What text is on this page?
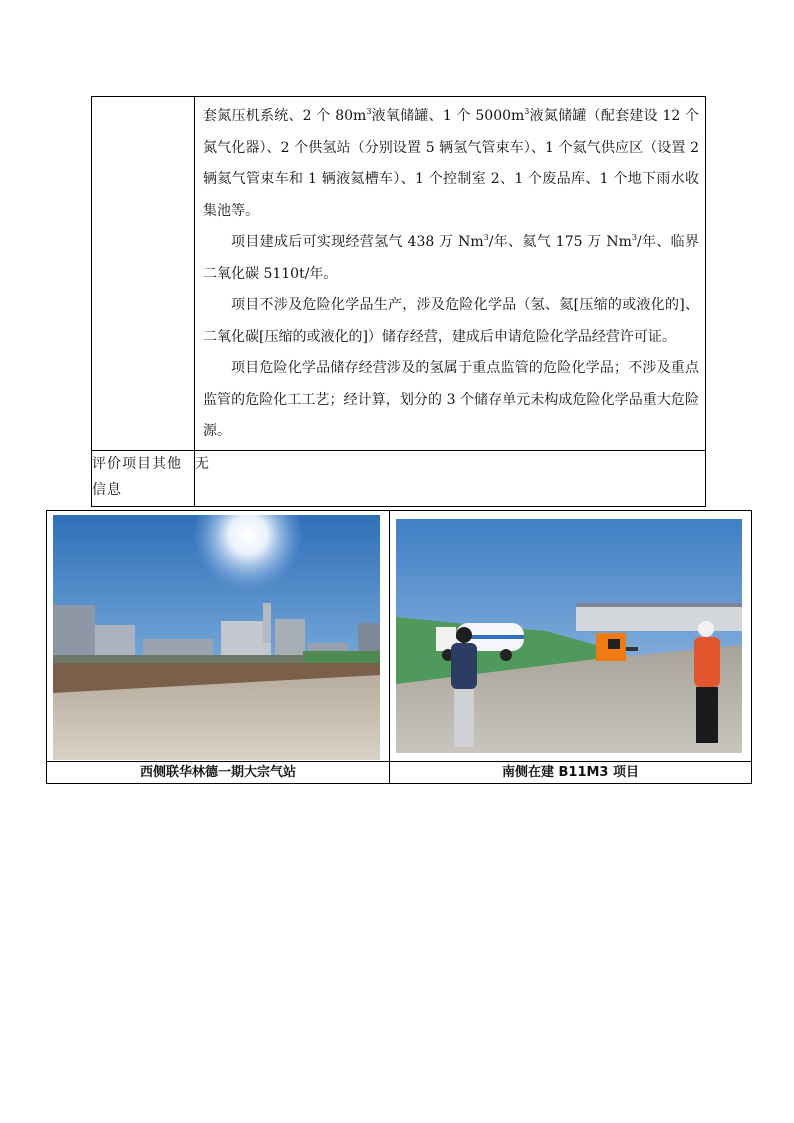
	套氮压机系统、2 个 $80m^3$液氧储罐、1 个 $5000m^3$液氮储罐（配套建设 12 个氮气化器）、2 个供氢站（分别设置 5 辆氢气管束车）、1 个氦气供应区（设置 2 辆氦气管束车和 1 辆液氦槽车）、1 个控制室 2、1 个废品库、1 个地下雨水收集池等。

项目建成后可实现经营氢气 438 万 Nm$^3$/年、氦气 175 万 Nm$^3$/年、临界二氧化碳 5110t/年。

项目不涉及危险化学品生产，涉及危险化学品（氢、氦[压缩的或液化的]、二氧化碳[压缩的或液化的]）储存经营，建成后申请危险化学品经营许可证。

项目危险化学品储存经营涉及的氢属于重点监管的危险化学品；不涉及重点监管的危险化工工艺；经计算，划分的 3 个储存单元未构成危险化学品重大危险源。

评价项目其他信息	无

西侧联华林德一期大宗气站	南侧在建 B11M3 项目
